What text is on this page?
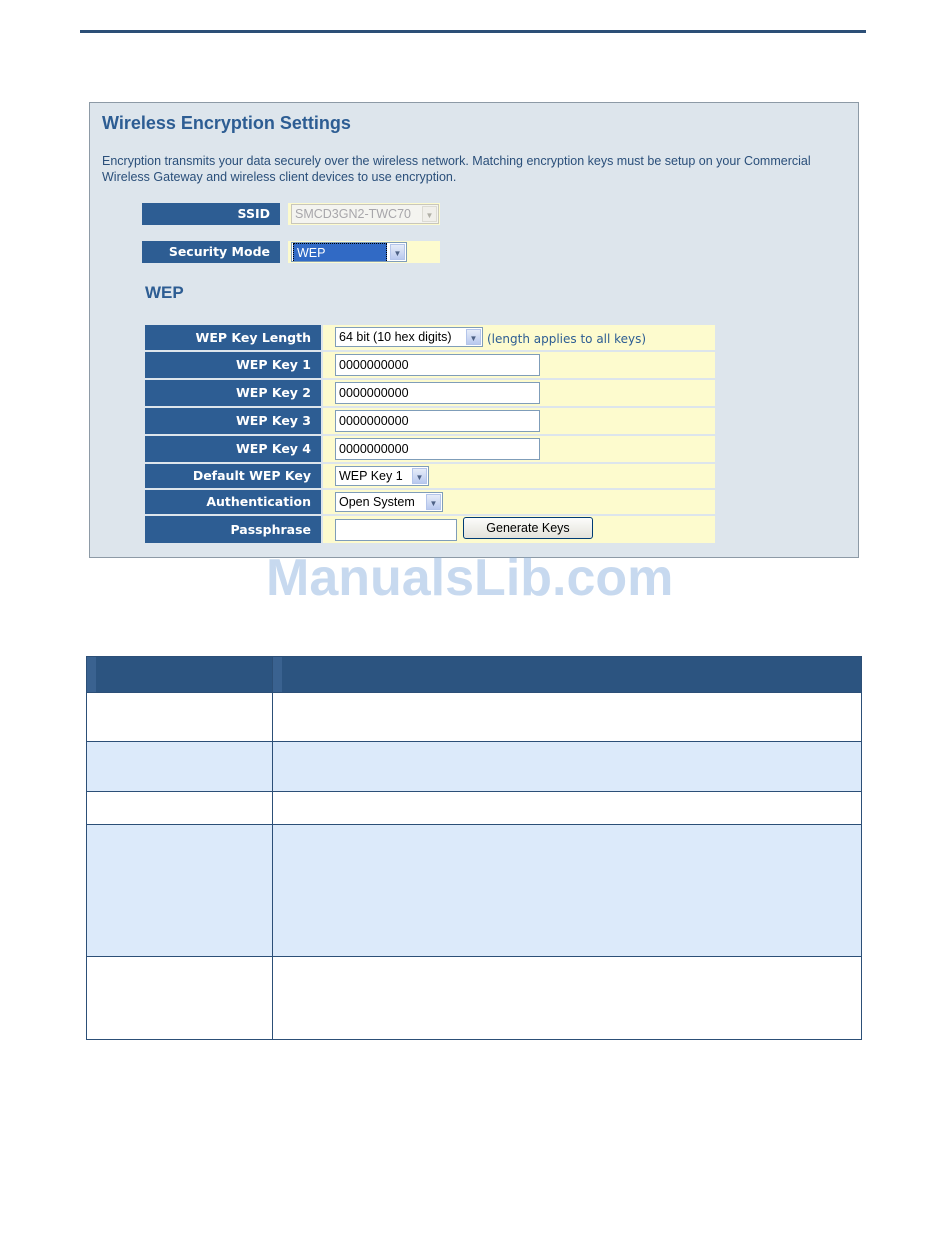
Wireless Encryption Settings

Encryption transmits your data securely over the wireless network. Matching encryption keys must be setup on your Commercial Wireless Gateway and wireless client devices to use encryption.

SSID	SMCD3GN2-TWC70	▼
Security Mode	WEP	▼
WEP
WEP Key Length	64 bit (10 hex digits)	▼ (length applies to all keys)
WEP Key 1	0000000000
WEP Key 2	0000000000
WEP Key 3	0000000000
WEP Key 4	0000000000
Default WEP Key	WEP Key 1	▼
Authentication	Open System	▼
Passphrase	Generate Keys
ManualsLib.com
